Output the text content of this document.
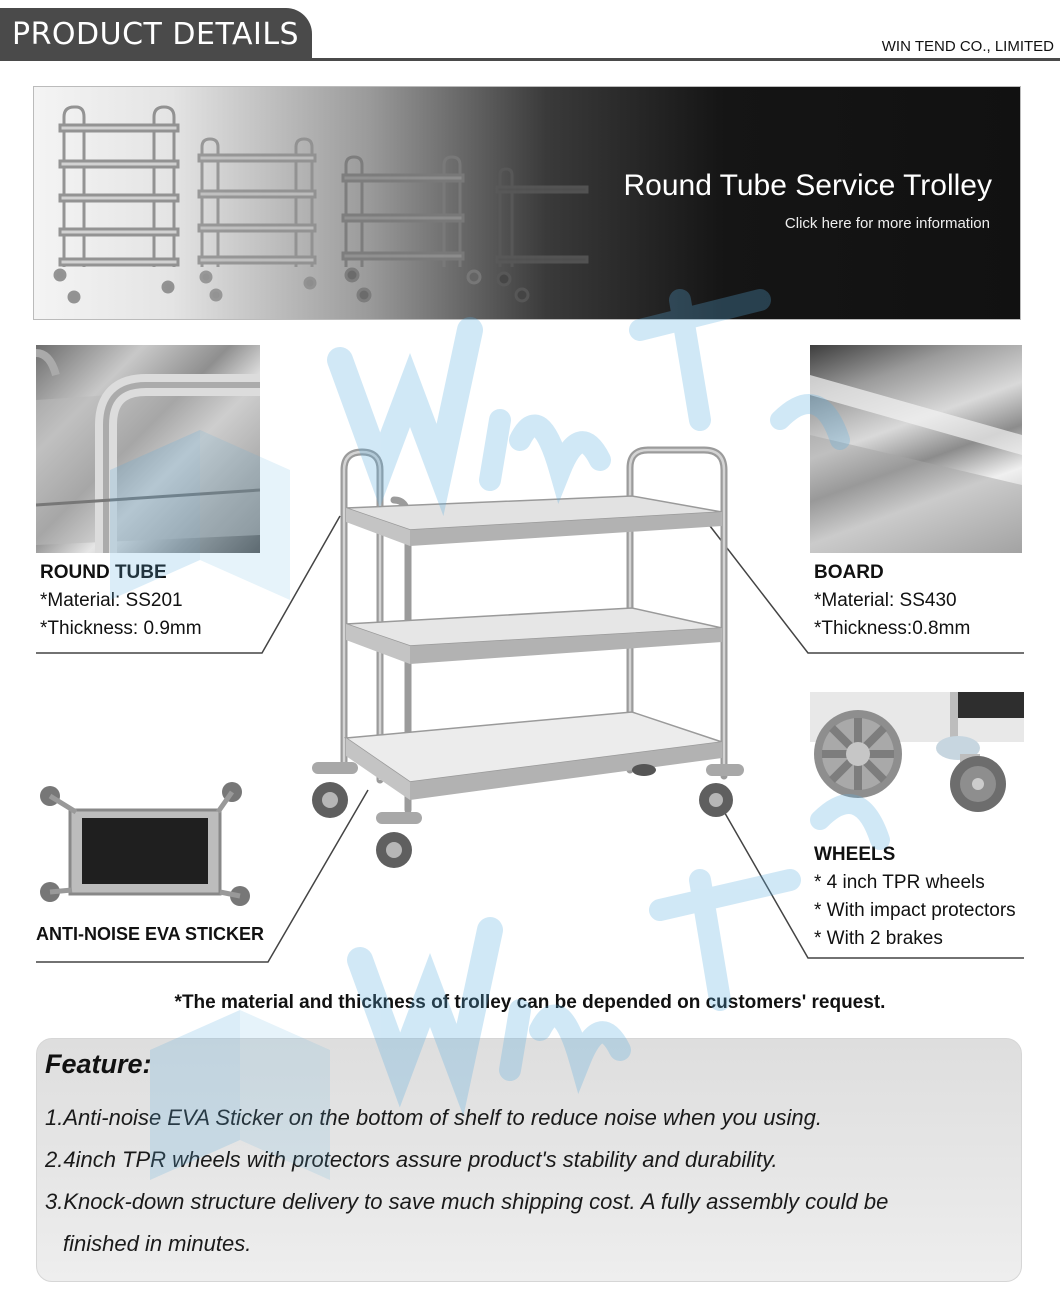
PRODUCT DETAILS	WIN TEND CO., LIMITED
Round Tube Service Trolley
Click here for more information
ROUND TUBE
*Material: SS201
*Thickness: 0.9mm
BOARD
*Material: SS430
*Thickness:0.8mm
WHEELS
* 4 inch TPR wheels
* With impact protectors
* With 2 brakes
ANTI-NOISE EVA STICKER
*The material and thickness of trolley can be depended on customers' request.
Feature:
1.Anti-noise EVA Sticker on the bottom of shelf to reduce noise when you using.
2.4inch TPR wheels with protectors assure product's stability and durability.
3.Knock-down structure delivery to save much shipping cost. A fully assembly could be
finished in minutes.
